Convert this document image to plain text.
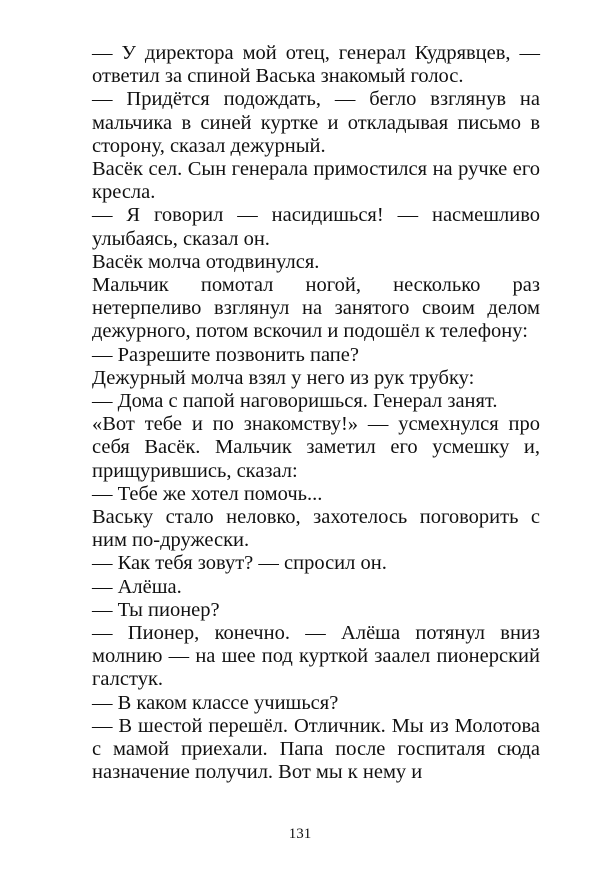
— У директора мой отец, генерал Кудрявцев, — ответил за спиной Васька знакомый голос.

— Придётся подождать, — бегло взглянув на мальчика в синей куртке и откладывая письмо в сторону, сказал дежурный.

Васёк сел. Сын генерала примостился на ручке его кресла.

— Я говорил — насидишься! — насмешливо улыбаясь, сказал он.

Васёк молча отодвинулся.

Мальчик помотал ногой, несколько раз нетерпеливо взглянул на занятого своим делом дежурного, потом вскочил и подошёл к телефону:

— Разрешите позвонить папе?

Дежурный молча взял у него из рук трубку:

— Дома с папой наговоришься. Генерал занят.

«Вот тебе и по знакомству!» — усмехнулся про себя Васёк. Мальчик заметил его усмешку и, прищурившись, сказал:

— Тебе же хотел помочь...

Ваську стало неловко, захотелось поговорить с ним по-дружески.

— Как тебя зовут? — спросил он.

— Алёша.

— Ты пионер?

— Пионер, конечно. — Алёша потянул вниз молнию — на шее под курткой заалел пионерский галстук.

— В каком классе учишься?

— В шестой перешёл. Отличник. Мы из Молотова с мамой приехали. Папа после госпиталя сюда назначение получил. Вот мы к нему и

131
